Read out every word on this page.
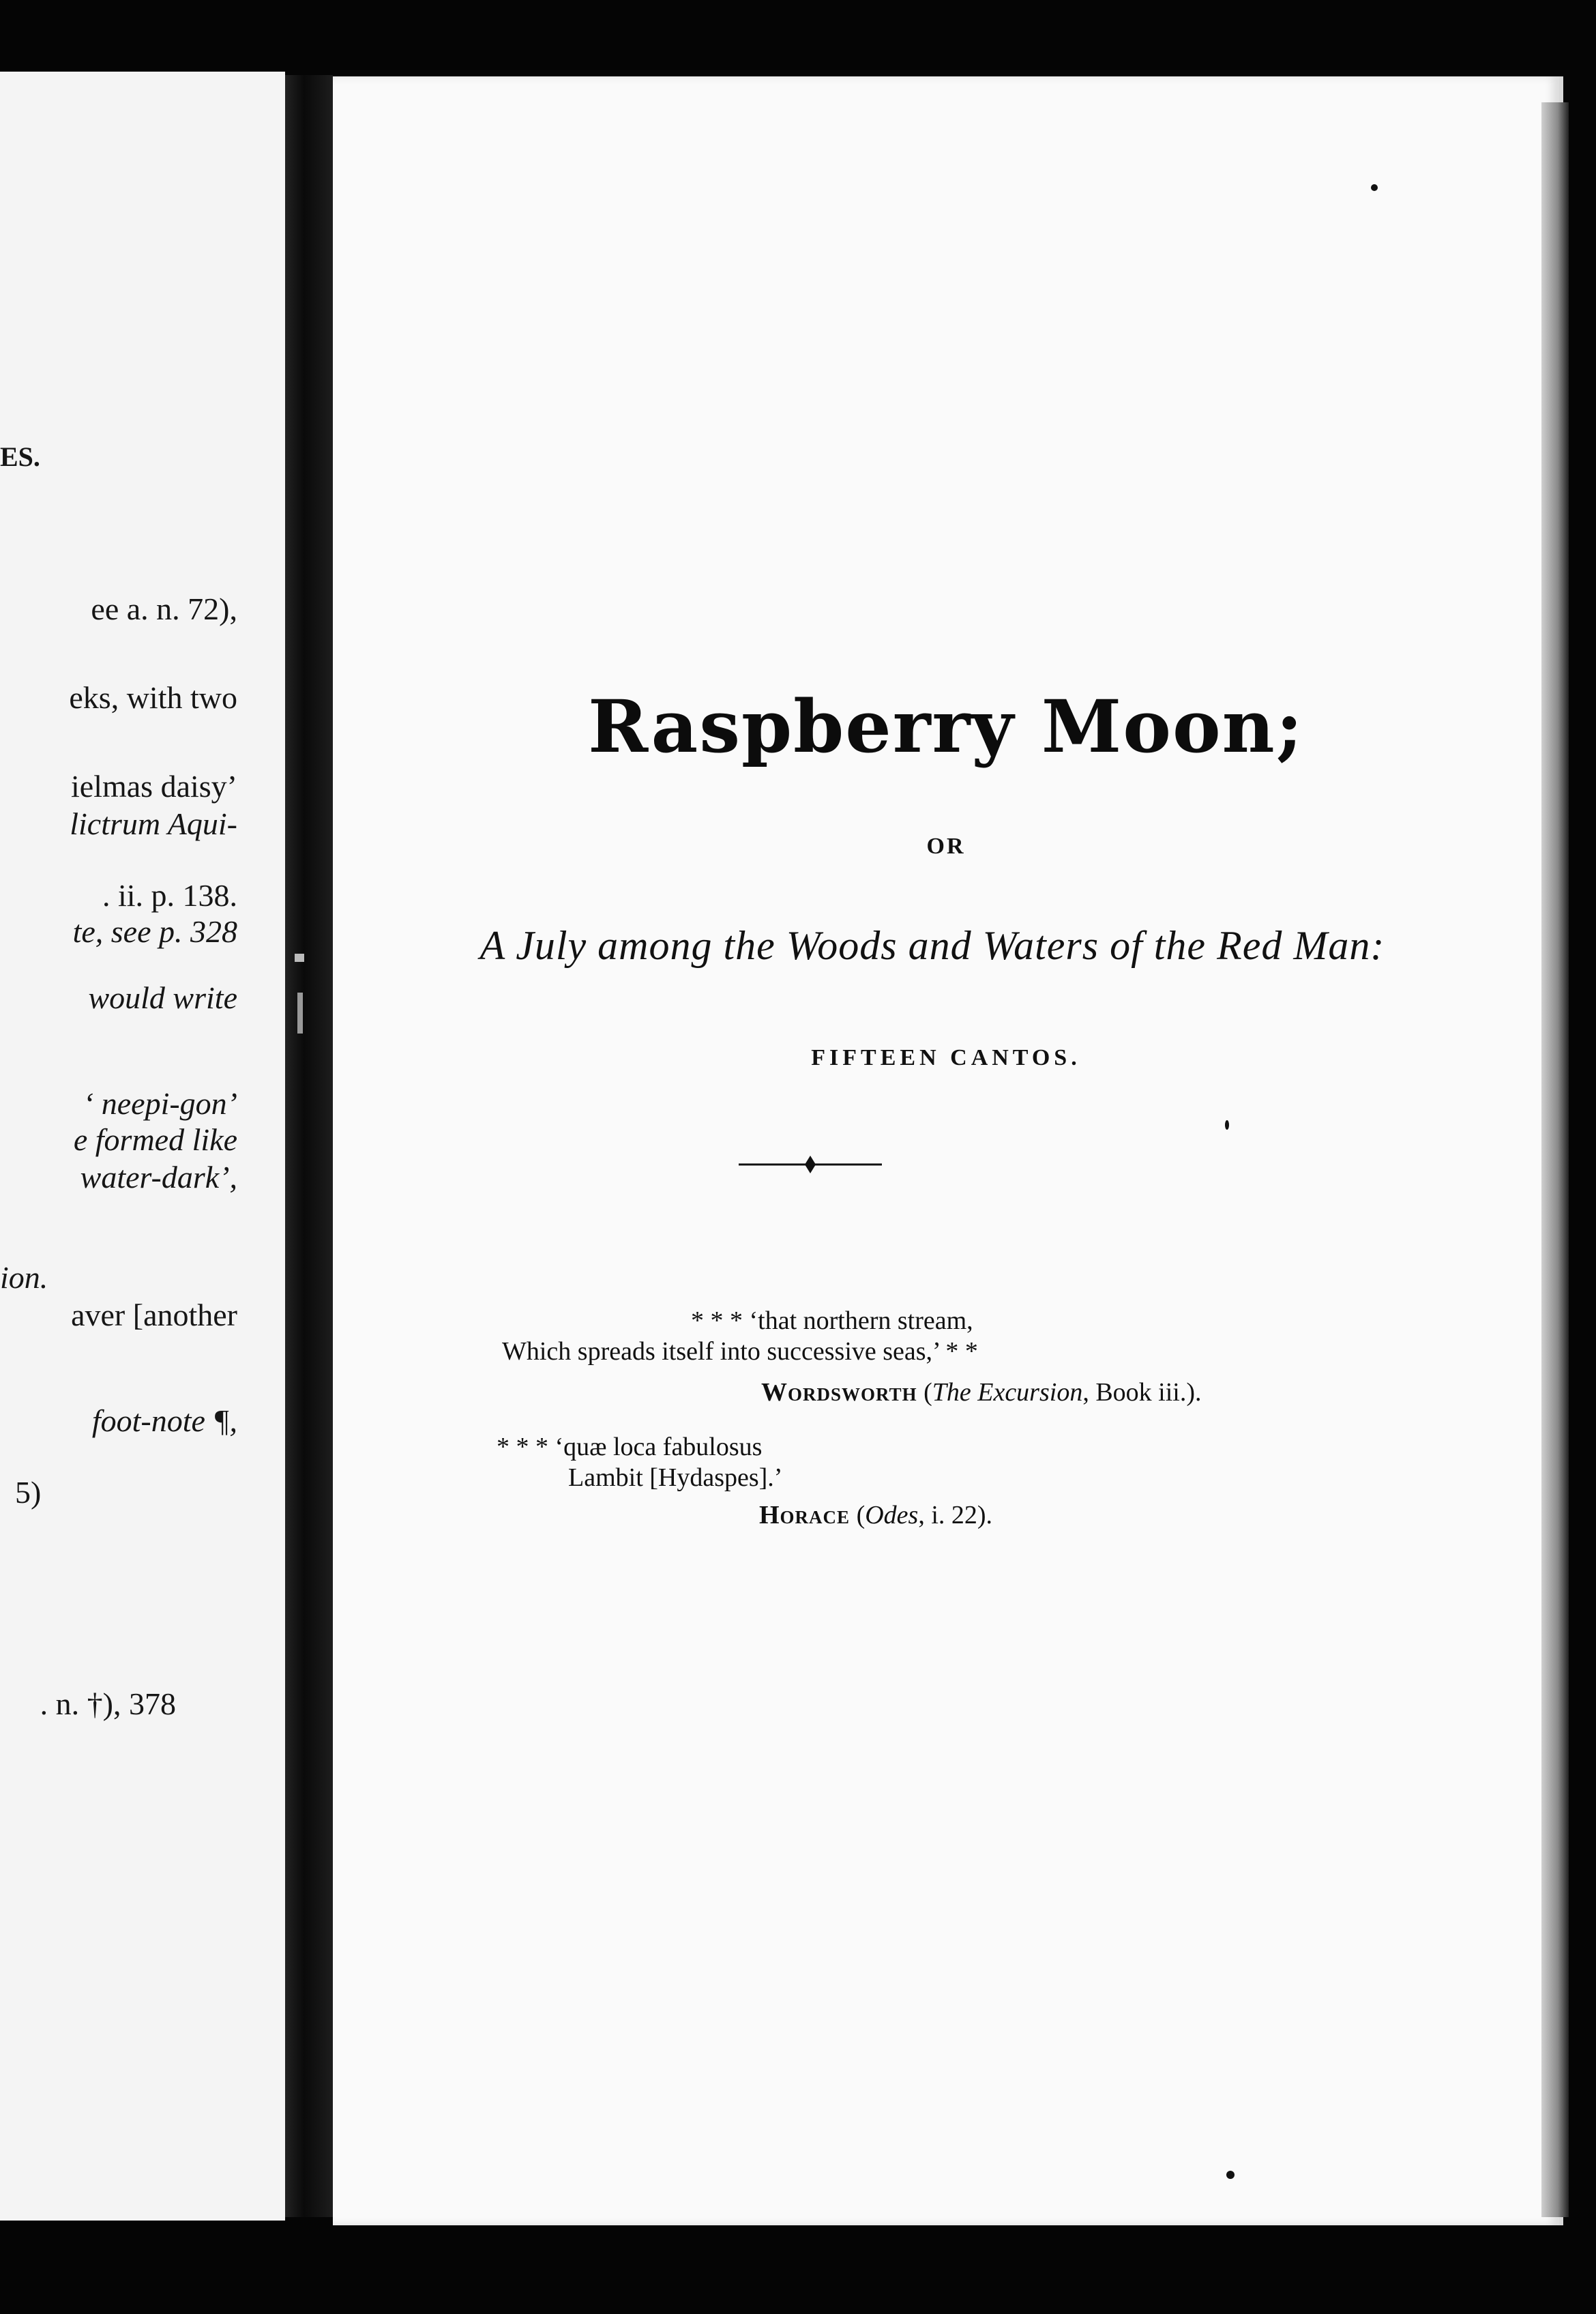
ES.
ee a. n. 72),
eks, with two
ielmas daisy’
lictrum Aqui-
. ii. p. 138.
te, see p. 328
would write
‘ neepi-gon’
e formed like
water-dark’,
ion.
aver [another
foot-note ¶,
5)
. n. †), 378
Raspberry Moon;
OR
A July among the Woods and Waters of the Red Man:
FIFTEEN CANTOS.
* * * ‘that northern stream,
Which spreads itself into successive seas,’ * *
Wordsworth (The Excursion, Book iii.).
* * * ‘quæ loca fabulosus
Lambit [Hydaspes].’
Horace (Odes, i. 22).
